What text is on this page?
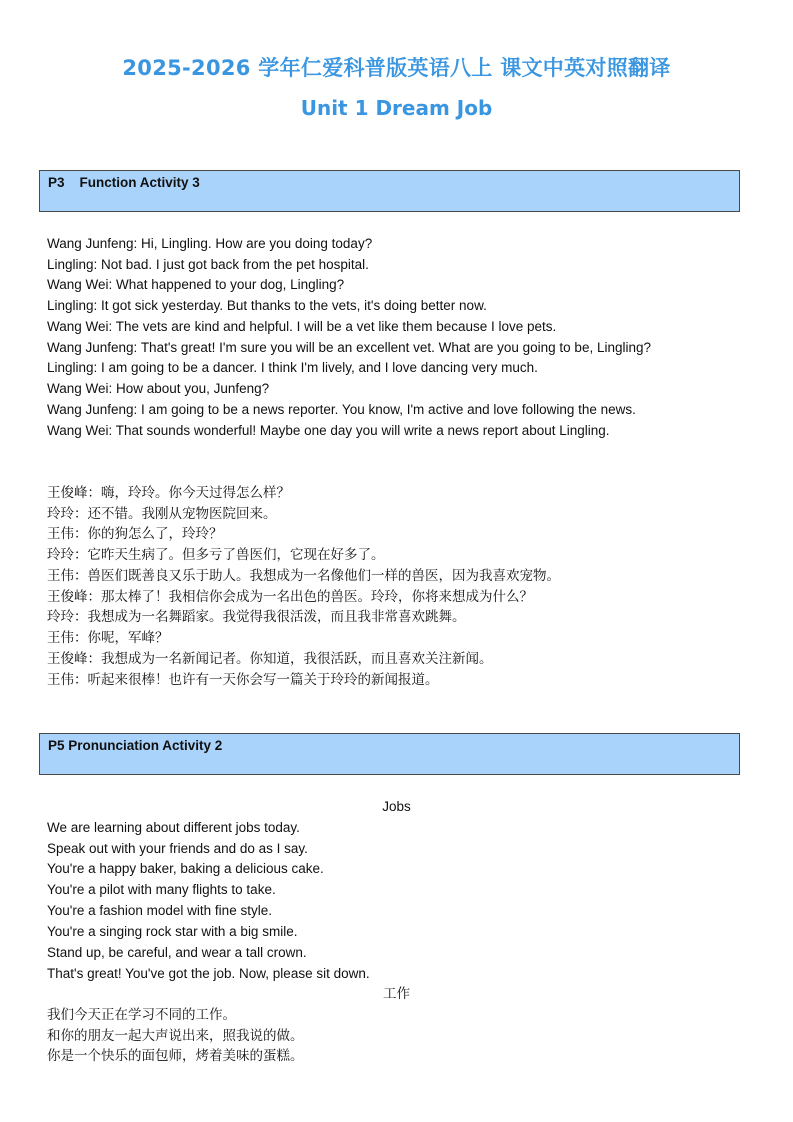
2025-2026 学年仁爱科普版英语八上 课文中英对照翻译
Unit 1 Dream Job
P3    Function Activity 3
Wang Junfeng: Hi, Lingling. How are you doing today?
Lingling: Not bad. I just got back from the pet hospital.
Wang Wei: What happened to your dog, Lingling?
Lingling: It got sick yesterday. But thanks to the vets, it's doing better now.
Wang Wei: The vets are kind and helpful. I will be a vet like them because I love pets.
Wang Junfeng: That's great! I'm sure you will be an excellent vet. What are you going to be, Lingling?
Lingling: I am going to be a dancer. I think I'm lively, and I love dancing very much.
Wang Wei: How about you, Junfeng?
Wang Junfeng: I am going to be a news reporter. You know, I'm active and love following the news.
Wang Wei: That sounds wonderful! Maybe one day you will write a news report about Lingling.
王俊峰：嗨，玲玲。你今天过得怎么样？
玲玲：还不错。我刚从宠物医院回来。
王伟：你的狗怎么了，玲玲？
玲玲：它昨天生病了。但多亏了兽医们，它现在好多了。
王伟：兽医们既善良又乐于助人。我想成为一名像他们一样的兽医，因为我喜欢宠物。
王俊峰：那太棒了！我相信你会成为一名出色的兽医。玲玲，你将来想成为什么？
玲玲：我想成为一名舞蹈家。我觉得我很活泼，而且我非常喜欢跳舞。
王伟：你呢，军峰？
王俊峰：我想成为一名新闻记者。你知道，我很活跃，而且喜欢关注新闻。
王伟：听起来很棒！也许有一天你会写一篇关于玲玲的新闻报道。
P5 Pronunciation Activity 2
Jobs
We are learning about different jobs today.
Speak out with your friends and do as I say.
You're a happy baker, baking a delicious cake.
You're a pilot with many flights to take.
You're a fashion model with fine style.
You're a singing rock star with a big smile.
Stand up, be careful, and wear a tall crown.
That's great! You've got the job. Now, please sit down.
工作
我们今天正在学习不同的工作。
和你的朋友一起大声说出来，照我说的做。
你是一个快乐的面包师，烤着美味的蛋糕。
